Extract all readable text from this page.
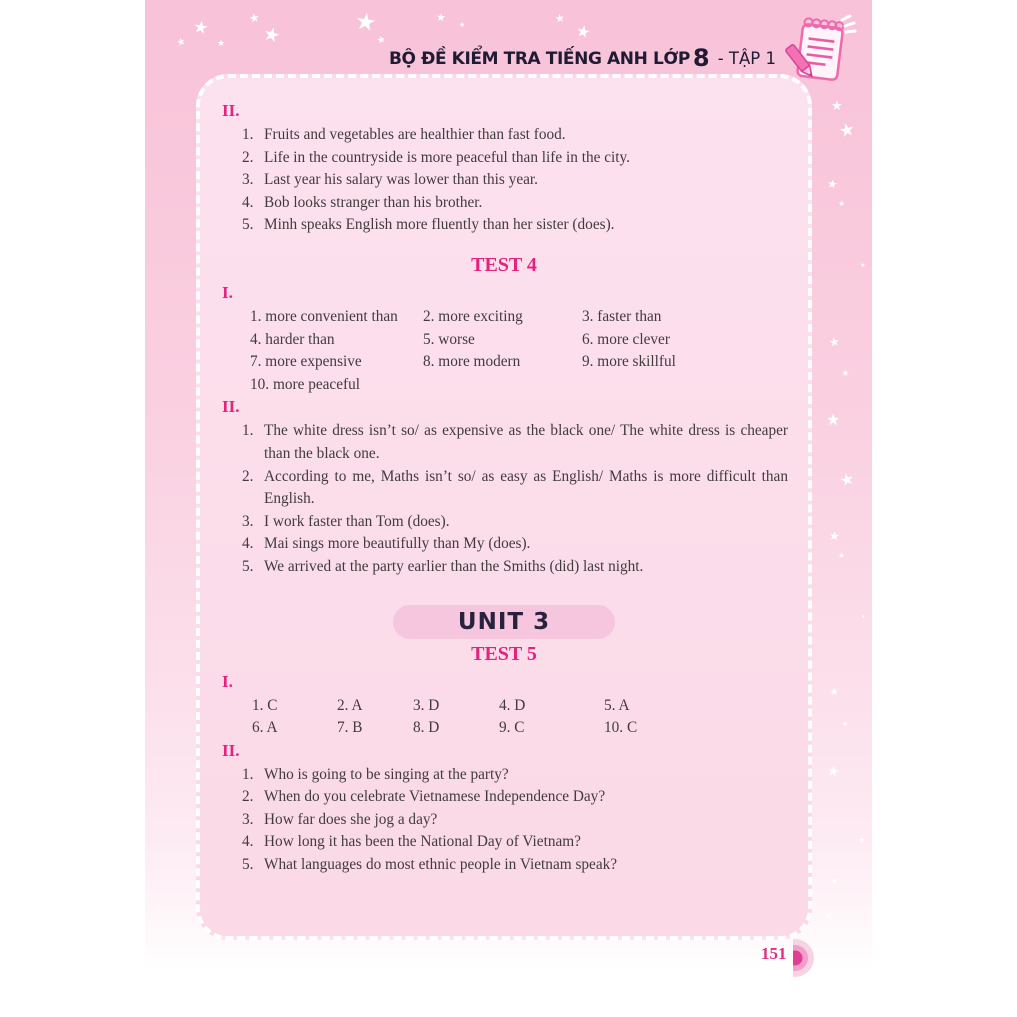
BỘ ĐỀ KIỂM TRA TIẾNG ANH LỚP 8 - TẬP 1
II.
1. Fruits and vegetables are healthier than fast food.
2. Life in the countryside is more peaceful than life in the city.
3. Last year his salary was lower than this year.
4. Bob looks stranger than his brother.
5. Minh speaks English more fluently than her sister (does).
TEST 4
I.
1. more convenient than	2. more exciting	3. faster than
4. harder than	5. worse	6. more clever
7. more expensive	8. more modern	9. more skillful
10. more peaceful
II.
1. The white dress isn’t so/ as expensive as the black one/ The white dress is cheaper than the black one.
2. According to me, Maths isn’t so/ as easy as English/ Maths is more difficult than English.
3. I work faster than Tom (does).
4. Mai sings more beautifully than My (does).
5. We arrived at the party earlier than the Smiths (did) last night.
UNIT 3
TEST 5
I.
1. C	2. A	3. D	4. D	5. A
6. A	7. B	8. D	9. C	10. C
II.
1. Who is going to be singing at the party?
2. When do you celebrate Vietnamese Independence Day?
3. How far does she jog a day?
4. How long it has been the National Day of Vietnam?
5. What languages do most ethnic people in Vietnam speak?
151
★
★
★
★
★	★
★
★
★	★
★
★
★
★
★
★
★
★
★
★
★
★
★
★
★
★
★
★
★
